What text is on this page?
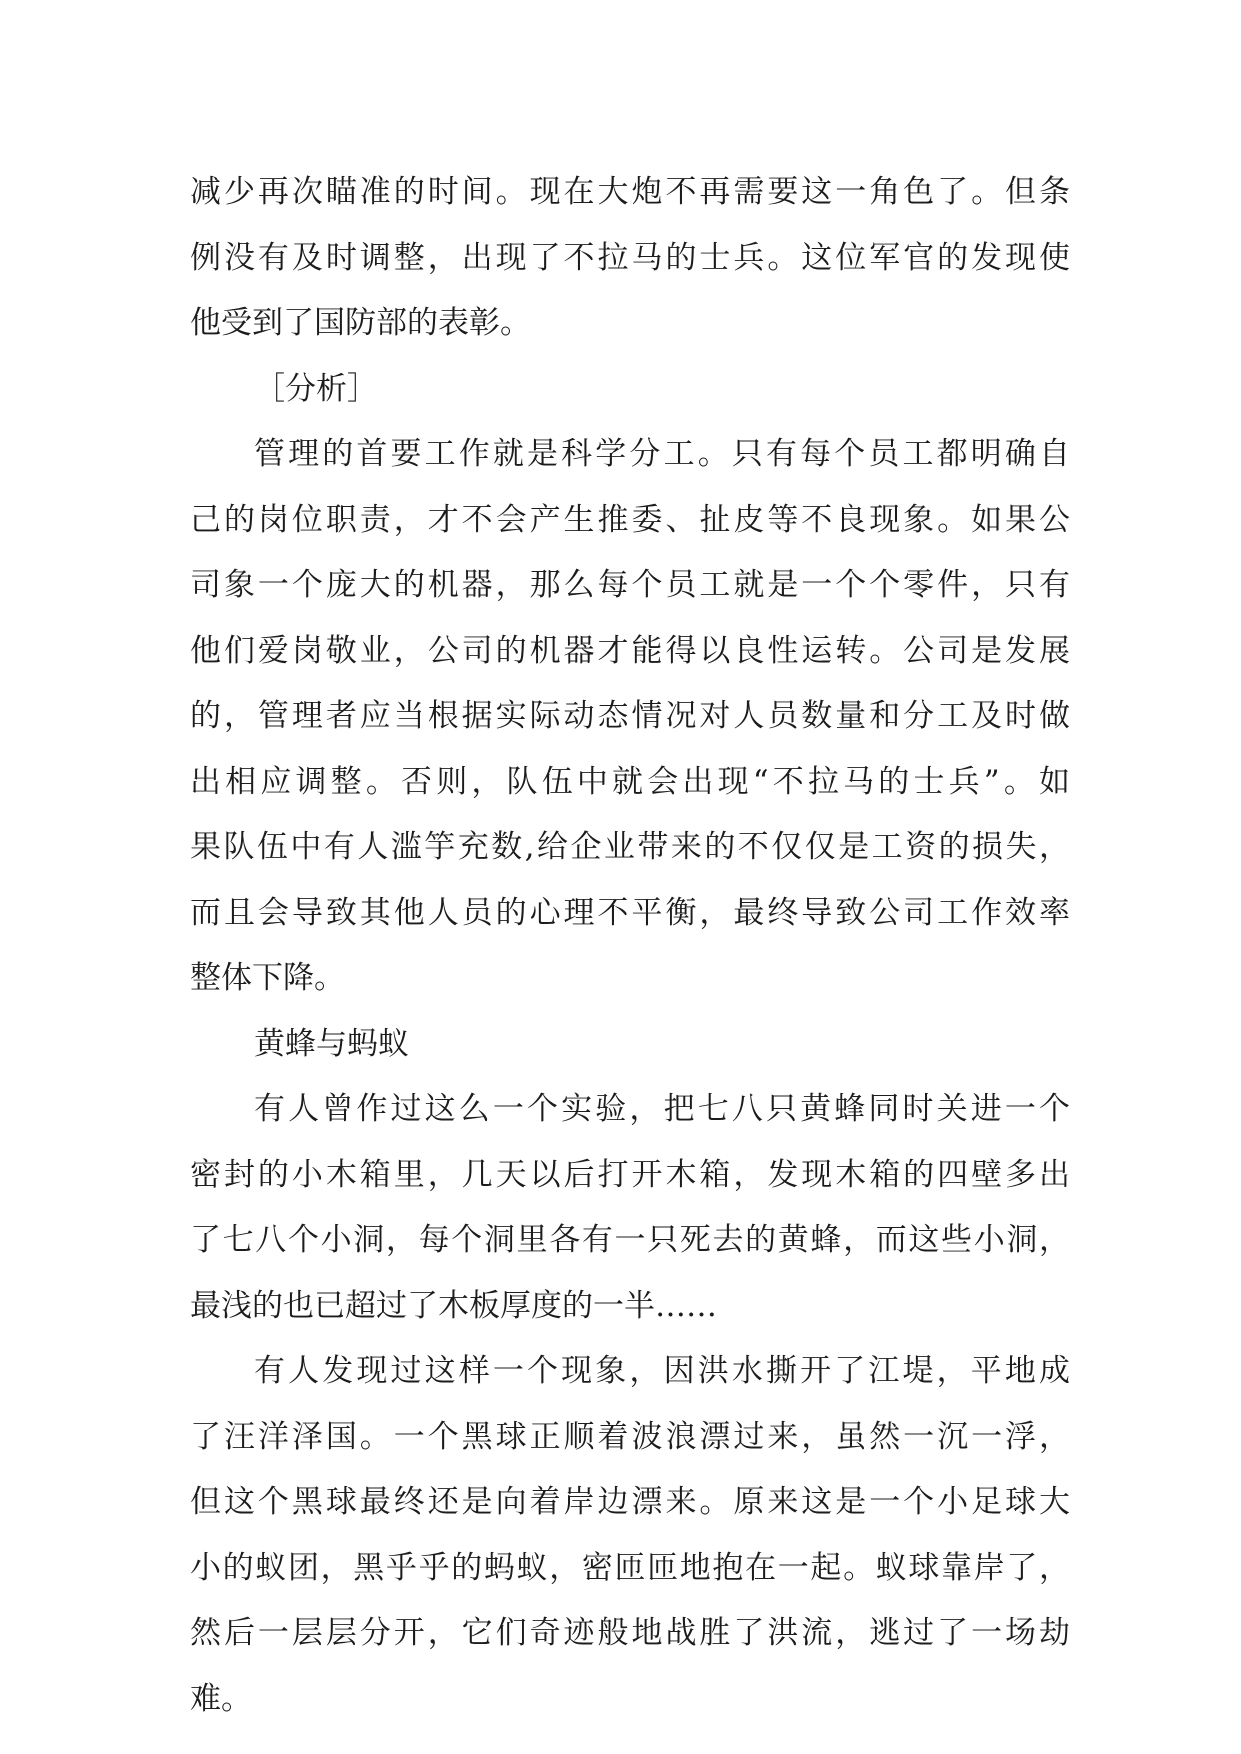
减少再次瞄准的时间。现在大炮不再需要这一角色了。但条
例没有及时调整，出现了不拉马的士兵。这位军官的发现使
他受到了国防部的表彰。

［分析］

管理的首要工作就是科学分工。只有每个员工都明确自
己的岗位职责，才不会产生推委、扯皮等不良现象。如果公
司象一个庞大的机器，那么每个员工就是一个个零件，只有
他们爱岗敬业，公司的机器才能得以良性运转。公司是发展
的，管理者应当根据实际动态情况对人员数量和分工及时做
出相应调整。否则，队伍中就会出现“不拉马的士兵”。如
果队伍中有人滥竽充数,给企业带来的不仅仅是工资的损失，
而且会导致其他人员的心理不平衡，最终导致公司工作效率
整体下降。

黄蜂与蚂蚁

有人曾作过这么一个实验，把七八只黄蜂同时关进一个
密封的小木箱里，几天以后打开木箱，发现木箱的四壁多出
了七八个小洞，每个洞里各有一只死去的黄蜂，而这些小洞，
最浅的也已超过了木板厚度的一半……

有人发现过这样一个现象，因洪水撕开了江堤，平地成
了汪洋泽国。一个黑球正顺着波浪漂过来，虽然一沉一浮，
但这个黑球最终还是向着岸边漂来。原来这是一个小足球大
小的蚁团，黑乎乎的蚂蚁，密匝匝地抱在一起。蚁球靠岸了，
然后一层层分开，它们奇迹般地战胜了洪流，逃过了一场劫
难。
